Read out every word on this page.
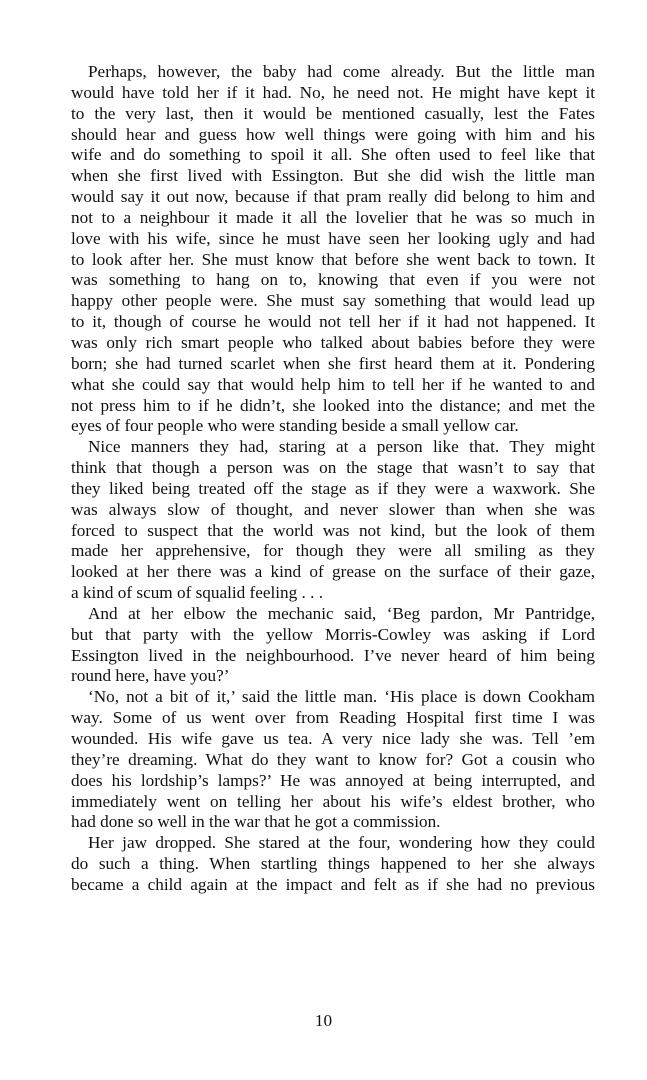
Perhaps, however, the baby had come already. But the little man
would have told her if it had. No, he need not. He might have kept it
to the very last, then it would be mentioned casually, lest the Fates
should hear and guess how well things were going with him and his
wife and do something to spoil it all. She often used to feel like that
when she first lived with Essington. But she did wish the little man
would say it out now, because if that pram really did belong to him and
not to a neighbour it made it all the lovelier that he was so much in
love with his wife, since he must have seen her looking ugly and had
to look after her. She must know that before she went back to town. It
was something to hang on to, knowing that even if you were not
happy other people were. She must say something that would lead up
to it, though of course he would not tell her if it had not happened. It
was only rich smart people who talked about babies before they were
born; she had turned scarlet when she first heard them at it. Pondering
what she could say that would help him to tell her if he wanted to and
not press him to if he didn’t, she looked into the distance; and met the
eyes of four people who were standing beside a small yellow car.
Nice manners they had, staring at a person like that. They might
think that though a person was on the stage that wasn’t to say that
they liked being treated off the stage as if they were a waxwork. She
was always slow of thought, and never slower than when she was
forced to suspect that the world was not kind, but the look of them
made her apprehensive, for though they were all smiling as they
looked at her there was a kind of grease on the surface of their gaze,
a kind of scum of squalid feeling . . .
And at her elbow the mechanic said, ‘Beg pardon, Mr Pantridge,
but that party with the yellow Morris-Cowley was asking if Lord
Essington lived in the neighbourhood. I’ve never heard of him being
round here, have you?’
‘No, not a bit of it,’ said the little man. ‘His place is down Cookham
way. Some of us went over from Reading Hospital first time I was
wounded. His wife gave us tea. A very nice lady she was. Tell ’em
they’re dreaming. What do they want to know for? Got a cousin who
does his lordship’s lamps?’ He was annoyed at being interrupted, and
immediately went on telling her about his wife’s eldest brother, who
had done so well in the war that he got a commission.
Her jaw dropped. She stared at the four, wondering how they could
do such a thing. When startling things happened to her she always
became a child again at the impact and felt as if she had no previous
10
